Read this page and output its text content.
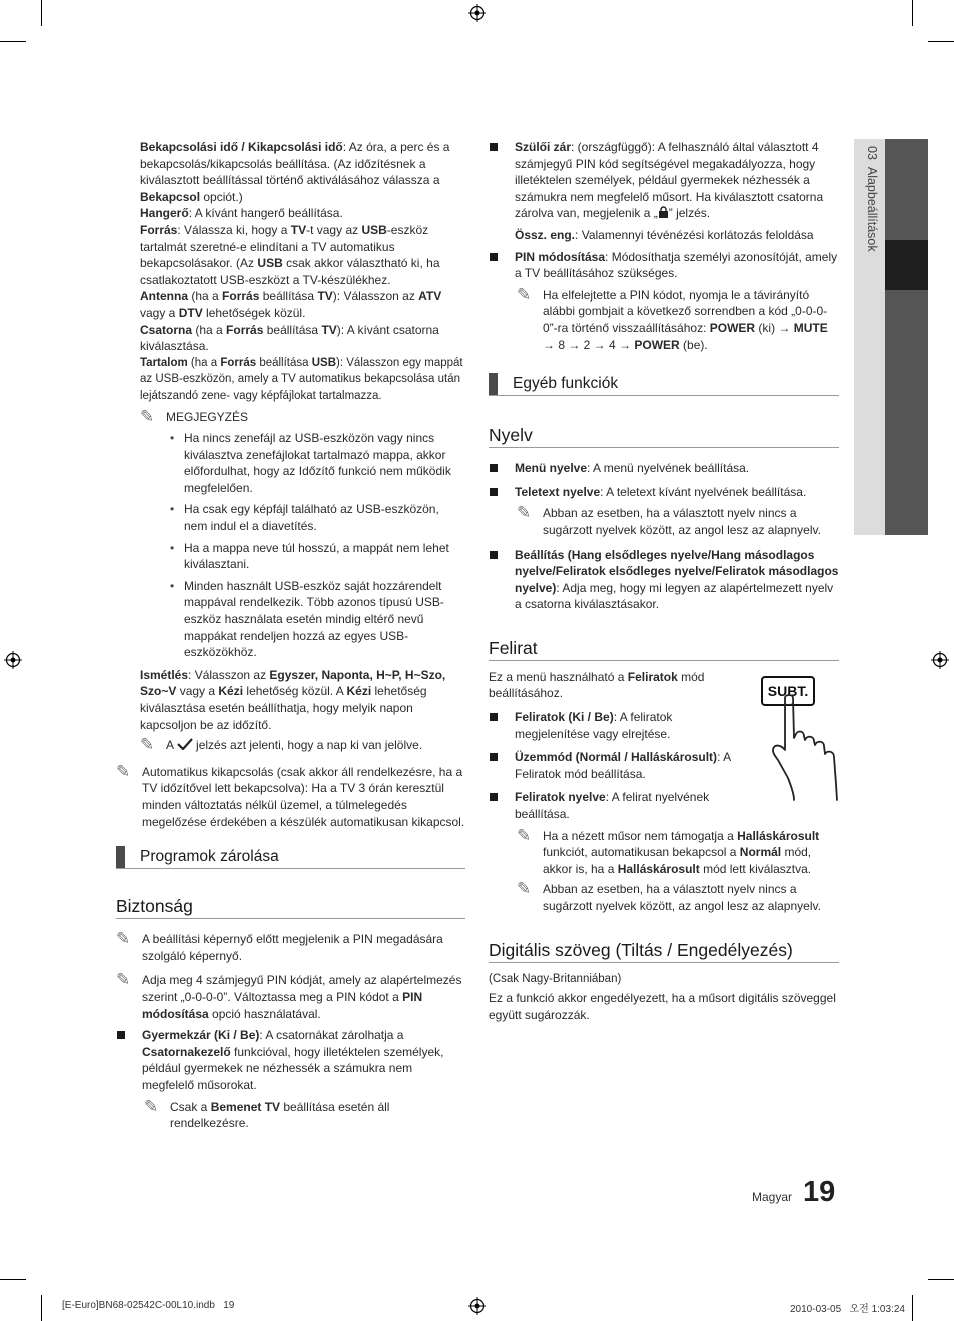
03  Alapbeállítások

Bekapcsolási idő / Kikapcsolási idő: Az óra, a perc és a bekapcsolás/kikapcsolás beállítása. (Az időzítésnek a kiválasztott beállítással történő aktiválásához válassza a Bekapcsol opciót.)

Hangerő: A kívánt hangerő beállítása.

Forrás: Válassza ki, hogy a TV-t vagy az USB-eszköz tartalmát szeretné-e elindítani a TV automatikus bekapcsolásakor. (Az USB csak akkor választható ki, ha csatlakoztatott USB-eszközt a TV-készülékhez.

Antenna (ha a Forrás beállítása TV): Válasszon az ATV vagy a DTV lehetőségek közül.

Csatorna (ha a Forrás beállítása TV): A kívánt csatorna kiválasztása.

Tartalom (ha a Forrás beállítása USB): Válasszon egy mappát az USB-eszközön, amely a TV automatikus bekapcsolása után lejátszandó zene- vagy képfájlokat tartalmazza.

✎ MEGJEGYZÉS
• Ha nincs zenefájl az USB-eszközön vagy nincs kiválasztva zenefájlokat tartalmazó mappa, akkor előfordulhat, hogy az Időzítő funkció nem működik megfelelően.
• Ha csak egy képfájl található az USB-eszközön, nem indul el a diavetítés.
• Ha a mappa neve túl hosszú, a mappát nem lehet kiválasztani.
• Minden használt USB-eszköz saját hozzárendelt mappával rendelkezik. Több azonos típusú USB-eszköz használata esetén mindig eltérő nevű mappákat rendeljen hozzá az egyes USB-eszközökhöz.

Ismétlés: Válasszon az Egyszer, Naponta, H~P, H~Szo, Szo~V vagy a Kézi lehetőség közül. A Kézi lehetőség kiválasztása esetén beállíthatja, hogy melyik napon kapcsoljon be az időzítő.

✎ A  jelzés azt jelenti, hogy a nap ki van jelölve.
✎ Automatikus kikapcsolás (csak akkor áll rendelkezésre, ha a TV időzítővel lett bekapcsolva): Ha a TV 3 órán keresztül minden változtatás nélkül üzemel, a túlmelegedés megelőzése érdekében a készülék automatikusan kikapcsol.
Programok zárolása
Biztonság
✎ A beállítási képernyő előtt megjelenik a PIN megadására szolgáló képernyő.
✎ Adja meg 4 számjegyű PIN kódját, amely az alapértelmezés szerint „0-0-0-0”. Változtassa meg a PIN kódot a PIN módosítása opció használatával.
Gyermekzár (Ki / Be): A csatornákat zárolhatja a Csatornakezelő funkcióval, hogy illetéktelen személyek, például gyermekek ne nézhessék a számukra nem megfelelő műsorokat.
✎ Csak a Bemenet TV beállítása esetén áll rendelkezésre.
Szülői zár: (országfüggő): A felhasználó által választott 4 számjegyű PIN kód segítségével megakadályozza, hogy illetéktelen személyek, például gyermekek nézhessék a számukra nem megfelelő műsort. Ha kiválasztott csatorna zárolva van, megjelenik a „ ” jelzés.

Össz. eng.: Valamennyi tévénézési korlátozás feloldása

PIN módosítása: Módosíthatja személyi azonosítóját, amely a TV beállításához szükséges.
✎ Ha elfelejtette a PIN kódot, nyomja le a távirányító alábbi gombjait a következő sorrendben a kód „0-0-0-0”-ra történő visszaállításához: POWER (ki) → MUTE → 8 → 2 → 4 → POWER (be).
Egyéb funkciók
Nyelv
Menü nyelve: A menü nyelvének beállítása.
Teletext nyelve: A teletext kívánt nyelvének beállítása.
✎ Abban az esetben, ha a választott nyelv nincs a sugárzott nyelvek között, az angol lesz az alapnyelv.
Beállítás (Hang elsődleges nyelve/Hang másodlagos nyelve/Feliratok elsődleges nyelve/Feliratok másodlagos nyelve): Adja meg, hogy mi legyen az alapértelmezett nyelv a csatorna kiválasztásakor.
Felirat

Ez a menü használható a Feliratok mód beállításához.

Feliratok (Ki / Be): A feliratok megjelenítése vagy elrejtése.
Üzemmód (Normál / Halláskárosult): A Feliratok mód beállítása.
Feliratok nyelve: A felirat nyelvének beállítása.
✎ Ha a nézett műsor nem támogatja a Halláskárosult funkciót, automatikusan bekapcsol a Normál mód, akkor is, ha a Halláskárosult mód lett kiválasztva.
✎ Abban az esetben, ha a választott nyelv nincs a sugárzott nyelvek között, az angol lesz az alapnyelv.
Digitális szöveg (Tiltás / Engedélyezés)

(Csak Nagy-Britanniában)

Ez a funkció akkor engedélyezett, ha a műsort digitális szöveggel együtt sugározzák.

SUBT.
Magyar 19
[E-Euro]BN68-02542C-00L10.indb   19	2010-03-05   오전 1:03:24
